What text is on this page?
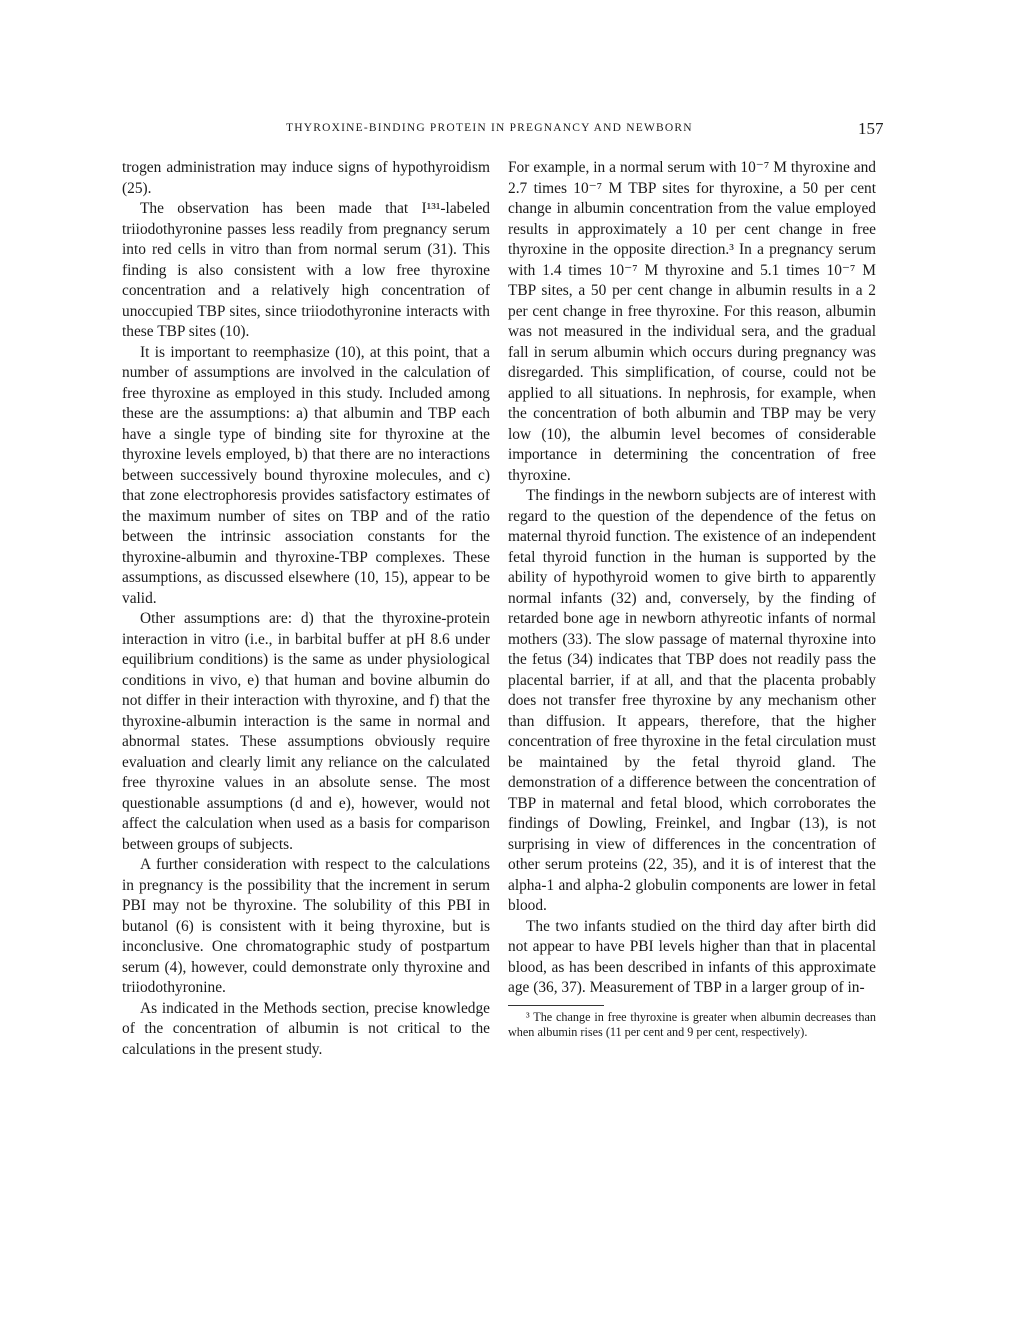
THYROXINE-BINDING PROTEIN IN PREGNANCY AND NEWBORN	157

trogen administration may induce signs of hypothyroidism (25).

The observation has been made that I¹³¹-labeled triiodothyronine passes less readily from pregnancy serum into red cells in vitro than from normal serum (31). This finding is also consistent with a low free thyroxine concentration and a relatively high concentration of unoccupied TBP sites, since triiodothyronine interacts with these TBP sites (10).

It is important to reemphasize (10), at this point, that a number of assumptions are involved in the calculation of free thyroxine as employed in this study. Included among these are the assumptions: a) that albumin and TBP each have a single type of binding site for thyroxine at the thyroxine levels employed, b) that there are no interactions between successively bound thyroxine molecules, and c) that zone electrophoresis provides satisfactory estimates of the maximum number of sites on TBP and of the ratio between the intrinsic association constants for the thyroxine-albumin and thyroxine-TBP complexes. These assumptions, as discussed elsewhere (10, 15), appear to be valid.

Other assumptions are: d) that the thyroxine-protein interaction in vitro (i.e., in barbital buffer at pH 8.6 under equilibrium conditions) is the same as under physiological conditions in vivo, e) that human and bovine albumin do not differ in their interaction with thyroxine, and f) that the thyroxine-albumin interaction is the same in normal and abnormal states. These assumptions obviously require evaluation and clearly limit any reliance on the calculated free thyroxine values in an absolute sense. The most questionable assumptions (d and e), however, would not affect the calculation when used as a basis for comparison between groups of subjects.

A further consideration with respect to the calculations in pregnancy is the possibility that the increment in serum PBI may not be thyroxine. The solubility of this PBI in butanol (6) is consistent with it being thyroxine, but is inconclusive. One chromatographic study of postpartum serum (4), however, could demonstrate only thyroxine and triiodothyronine.

As indicated in the Methods section, precise knowledge of the concentration of albumin is not critical to the calculations in the present study.

For example, in a normal serum with 10⁻⁷ M thyroxine and 2.7 times 10⁻⁷ M TBP sites for thyroxine, a 50 per cent change in albumin concentration from the value employed results in approximately a 10 per cent change in free thyroxine in the opposite direction.³ In a pregnancy serum with 1.4 times 10⁻⁷ M thyroxine and 5.1 times 10⁻⁷ M TBP sites, a 50 per cent change in albumin results in a 2 per cent change in free thyroxine. For this reason, albumin was not measured in the individual sera, and the gradual fall in serum albumin which occurs during pregnancy was disregarded. This simplification, of course, could not be applied to all situations. In nephrosis, for example, when the concentration of both albumin and TBP may be very low (10), the albumin level becomes of considerable importance in determining the concentration of free thyroxine.

The findings in the newborn subjects are of interest with regard to the question of the dependence of the fetus on maternal thyroid function. The existence of an independent fetal thyroid function in the human is supported by the ability of hypothyroid women to give birth to apparently normal infants (32) and, conversely, by the finding of retarded bone age in newborn athyreotic infants of normal mothers (33). The slow passage of maternal thyroxine into the fetus (34) indicates that TBP does not readily pass the placental barrier, if at all, and that the placenta probably does not transfer free thyroxine by any mechanism other than diffusion. It appears, therefore, that the higher concentration of free thyroxine in the fetal circulation must be maintained by the fetal thyroid gland. The demonstration of a difference between the concentration of TBP in maternal and fetal blood, which corroborates the findings of Dowling, Freinkel, and Ingbar (13), is not surprising in view of differences in the concentration of other serum proteins (22, 35), and it is of interest that the alpha-1 and alpha-2 globulin components are lower in fetal blood.

The two infants studied on the third day after birth did not appear to have PBI levels higher than that in placental blood, as has been described in infants of this approximate age (36, 37). Measurement of TBP in a larger group of in-

³ The change in free thyroxine is greater when albumin decreases than when albumin rises (11 per cent and 9 per cent, respectively).
